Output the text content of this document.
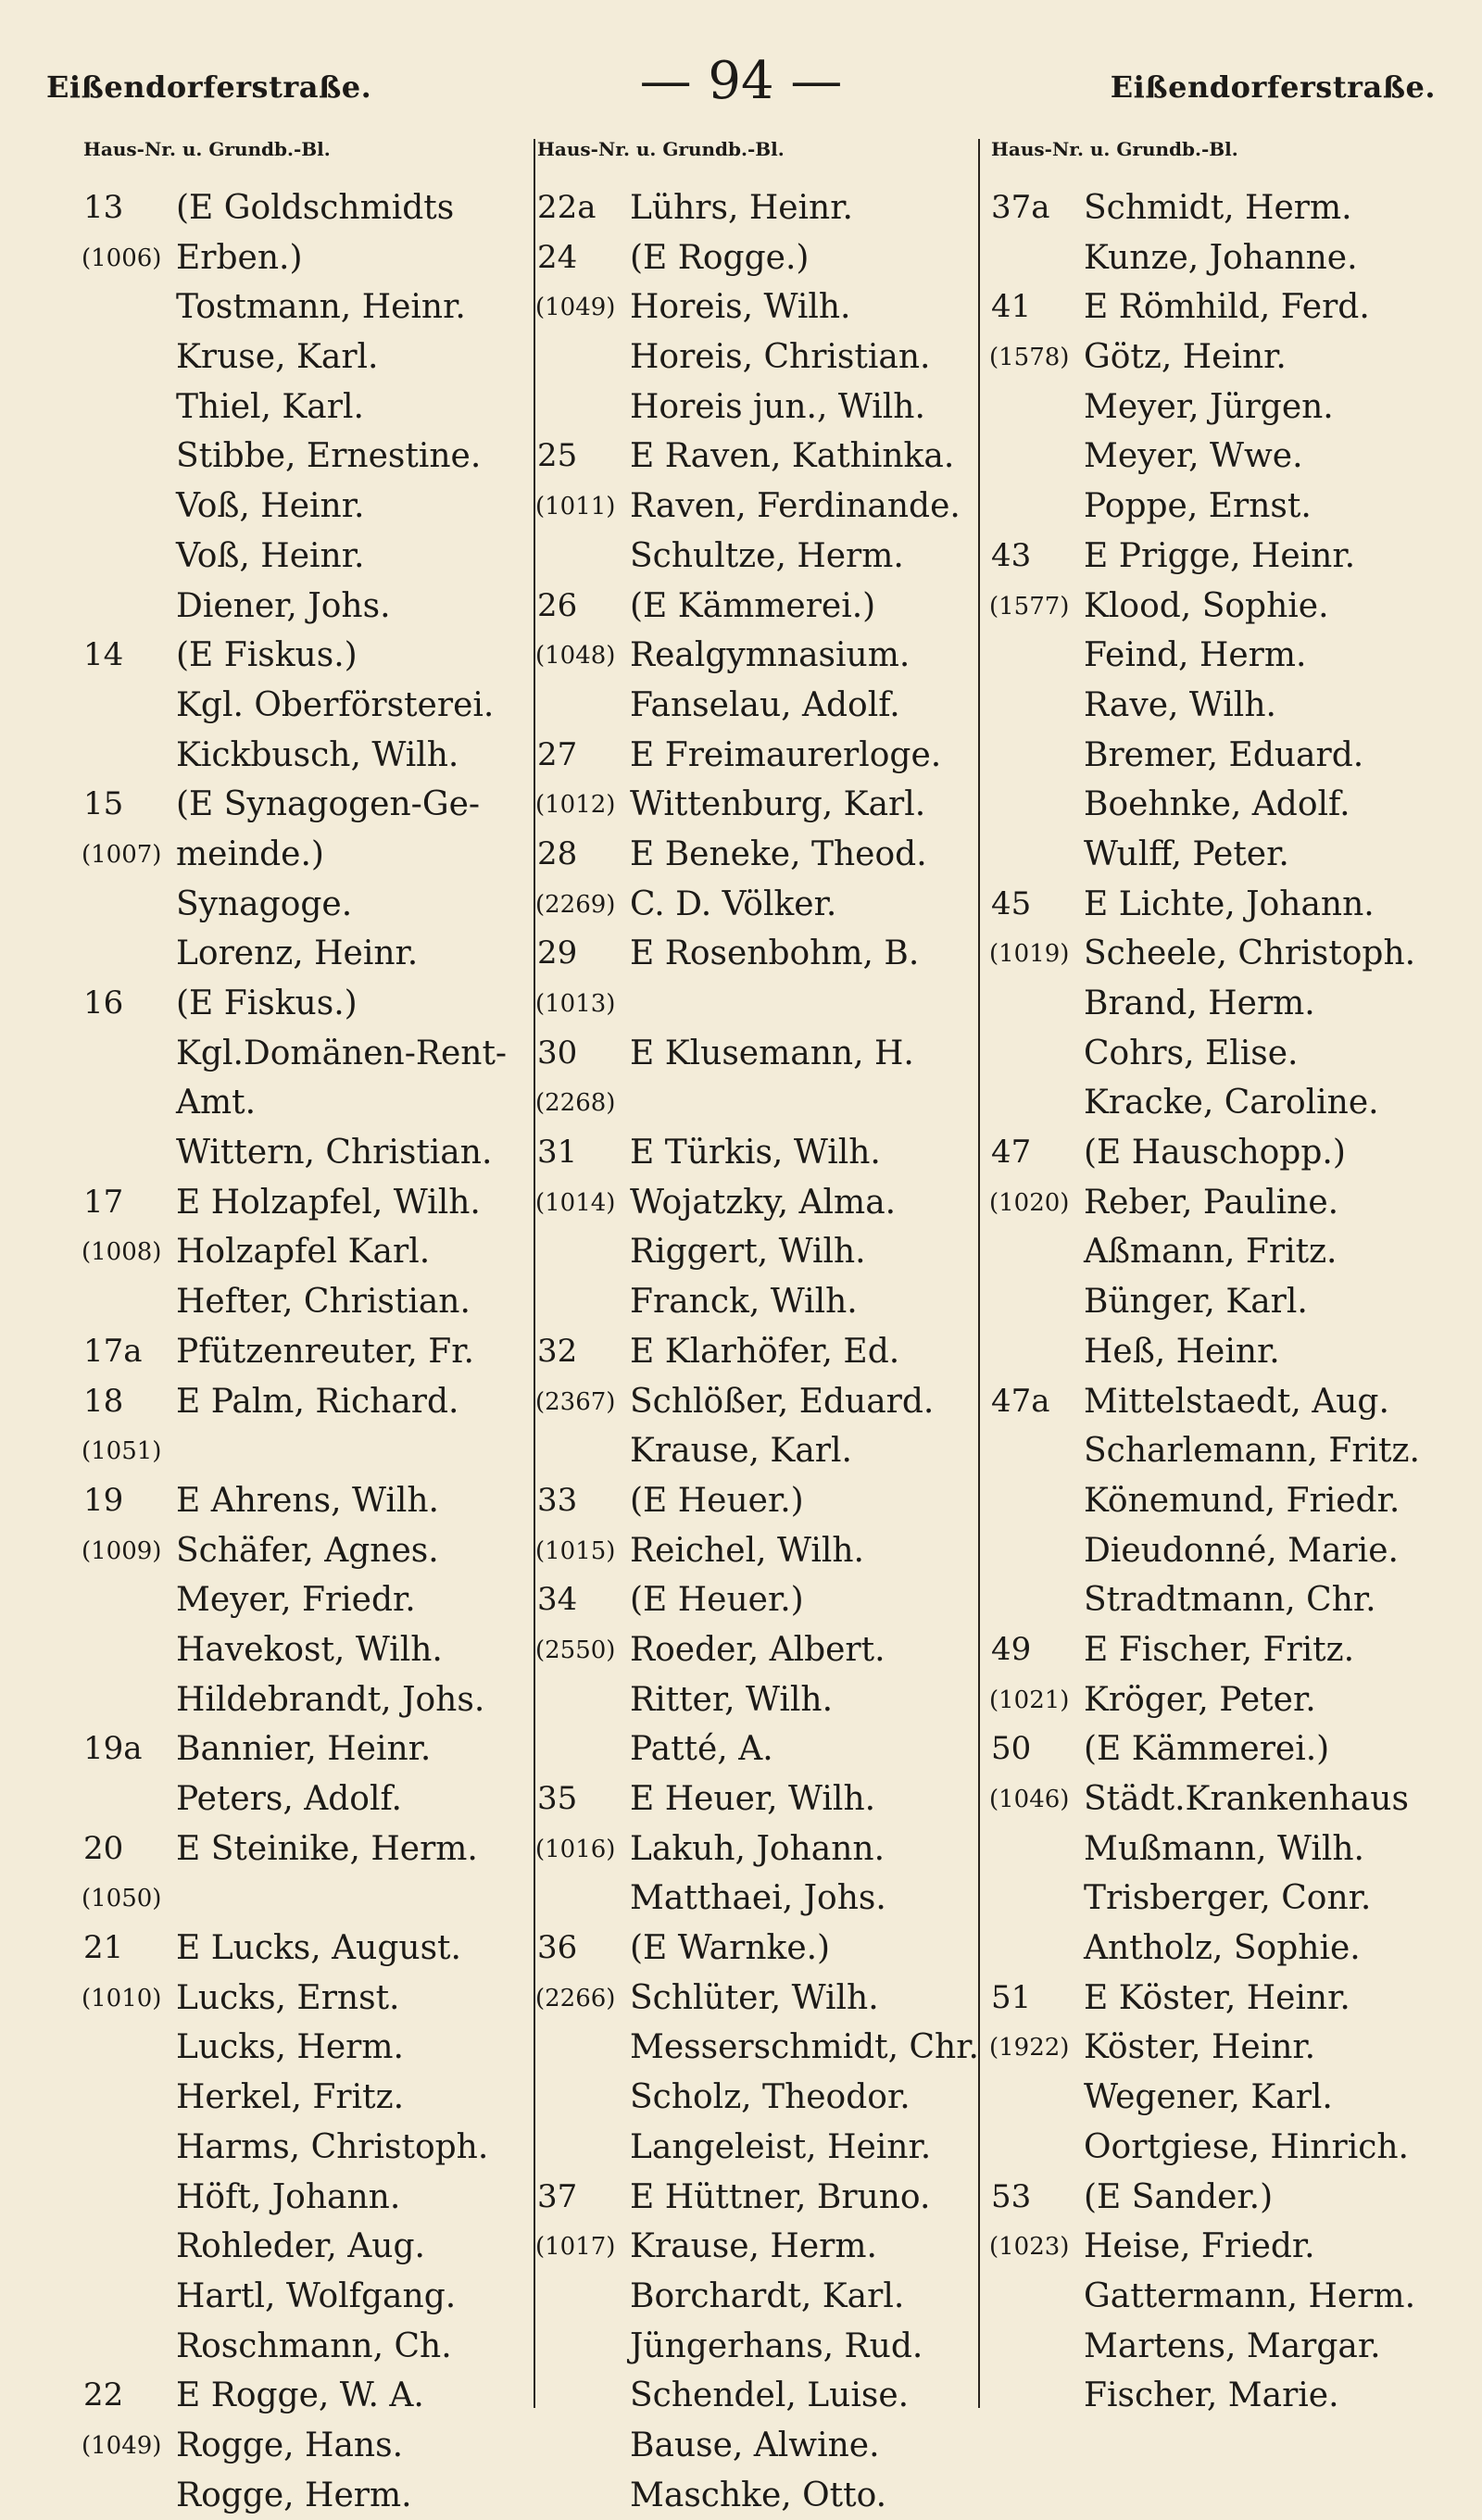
Eißendorferstraße.	— 94 —	Eißendorferstraße.
Haus-Nr. u. Grundb.-Bl.
13	(E Goldschmidts
(1006) Erben.)
Tostmann, Heinr.
Kruse, Karl.
Thiel, Karl.
Stibbe, Ernestine.
Voß, Heinr.
Voß, Heinr.
Diener, Johs.
14	(E Fiskus.)
Kgl. Oberförsterei.
Kickbusch, Wilh.
15	(E Synagogen-Ge-
(1007) meinde.)
Synagoge.
Lorenz, Heinr.
16	(E Fiskus.)
Kgl.Domänen-Rent-
Amt.
Wittern, Christian.
17	E Holzapfel, Wilh.
(1008) Holzapfel Karl.
Hefter, Christian.
17a	Pfützenreuter, Fr.
18	E Palm, Richard.
(1051)
19	E Ahrens, Wilh.
(1009) Schäfer, Agnes.
Meyer, Friedr.
Havekost, Wilh.
Hildebrandt, Johs.
19a	Bannier, Heinr.
Peters, Adolf.
20	E Steinike, Herm.
(1050)
21	E Lucks, August.
(1010) Lucks, Ernst.
Lucks, Herm.
Herkel, Fritz.
Harms, Christoph.
Höft, Johann.
Rohleder, Aug.
Hartl, Wolfgang.
Roschmann, Ch.
22	E Rogge, W. A.
(1049) Rogge, Hans.
Rogge, Herm.
Haus-Nr. u. Grundb.-Bl.
22a	Lührs, Heinr.
24	(E Rogge.)
(1049) Horeis, Wilh.
Horeis, Christian.
Horeis jun., Wilh.
25	E Raven, Kathinka.
(1011) Raven, Ferdinande.
Schultze, Herm.
26	(E Kämmerei.)
(1048) Realgymnasium.
Fanselau, Adolf.
27	E Freimaurerloge.
(1012) Wittenburg, Karl.
28	E Beneke, Theod.
(2269) C. D. Völker.
29	E Rosenbohm, B.
(1013)
30	E Klusemann, H.
(2268)
31	E Türkis, Wilh.
(1014) Wojatzky, Alma.
Riggert, Wilh.
Franck, Wilh.
32	E Klarhöfer, Ed.
(2367) Schlößer, Eduard.
Krause, Karl.
33	(E Heuer.)
(1015) Reichel, Wilh.
34	(E Heuer.)
(2550) Roeder, Albert.
Ritter, Wilh.
Patté, A.
35	E Heuer, Wilh.
(1016) Lakuh, Johann.
Matthaei, Johs.
36	(E Warnke.)
(2266) Schlüter, Wilh.
Messerschmidt, Chr.
Scholz, Theodor.
Langeleist, Heinr.
37	E Hüttner, Bruno.
(1017) Krause, Herm.
Borchardt, Karl.
Jüngerhans, Rud.
Schendel, Luise.
Bause, Alwine.
Maschke, Otto.
Haus-Nr. u. Grundb.-Bl.
37a	Schmidt, Herm.
Kunze, Johanne.
41	E Römhild, Ferd.
(1578) Götz, Heinr.
Meyer, Jürgen.
Meyer, Wwe.
Poppe, Ernst.
43	E Prigge, Heinr.
(1577) Klood, Sophie.
Feind, Herm.
Rave, Wilh.
Bremer, Eduard.
Boehnke, Adolf.
Wulff, Peter.
45	E Lichte, Johann.
(1019) Scheele, Christoph.
Brand, Herm.
Cohrs, Elise.
Kracke, Caroline.
47	(E Hauschopp.)
(1020) Reber, Pauline.
Aßmann, Fritz.
Bünger, Karl.
Heß, Heinr.
47a	Mittelstaedt, Aug.
Scharlemann, Fritz.
Könemund, Friedr.
Dieudonné, Marie.
Stradtmann, Chr.
49	E Fischer, Fritz.
(1021) Kröger, Peter.
50	(E Kämmerei.)
(1046) Städt.Krankenhaus
Mußmann, Wilh.
Trisberger, Conr.
Antholz, Sophie.
51	E Köster, Heinr.
(1922) Köster, Heinr.
Wegener, Karl.
Oortgiese, Hinrich.
53	(E Sander.)
(1023) Heise, Friedr.
Gattermann, Herm.
Martens, Margar.
Fischer, Marie.
